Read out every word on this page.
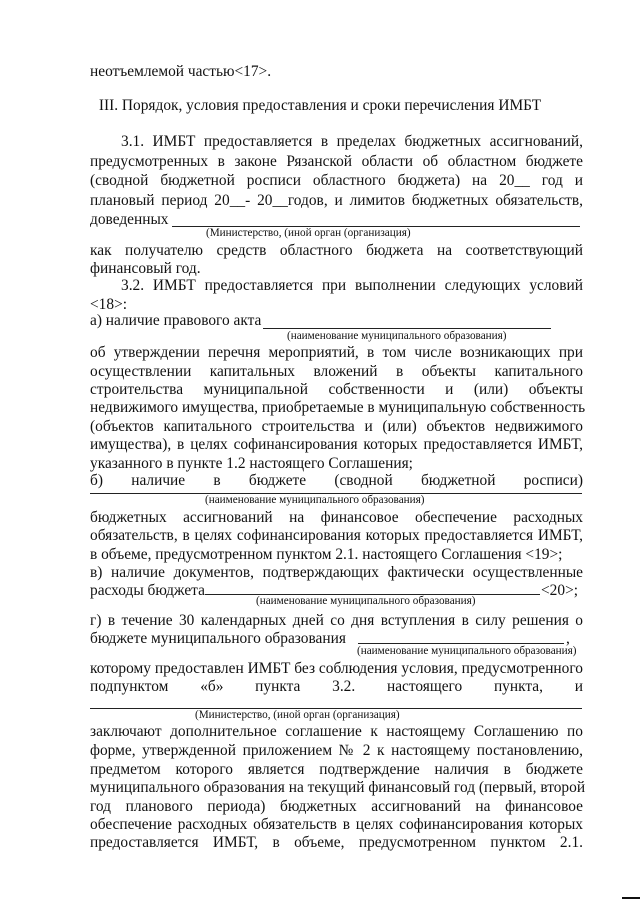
неотъемлемой частью<17>.
III. Порядок, условия предоставления и сроки перечисления ИМБТ
3.1. ИМБТ предоставляется в пределах бюджетных ассигнований,
предусмотренных в законе Рязанской области об областном бюджете
(сводной бюджетной росписи областного бюджета) на 20__ год и
плановый период 20__- 20__годов, и лимитов бюджетных обязательств,
доведенных
(Министерство, (иной орган (организация)
как получателю средств областного бюджета на соответствующий
финансовый год.
3.2. ИМБТ предоставляется при выполнении следующих условий
<18>:
а) наличие правового акта
(наименование муниципального образования)
об утверждении перечня мероприятий, в том числе возникающих при
осуществлении капитальных вложений в объекты капитального
строительства муниципальной собственности и (или) объекты
недвижимого имущества, приобретаемые в муниципальную собственность
(объектов капитального строительства и (или) объектов недвижимого
имущества), в целях софинансирования которых предоставляется ИМБТ,
указанного в пункте 1.2 настоящего Соглашения;
б) наличие в бюджете (сводной бюджетной росписи)
(наименование муниципального образования)
бюджетных ассигнований на финансовое обеспечение расходных
обязательств, в целях софинансирования которых предоставляется ИМБТ,
в объеме, предусмотренном пунктом 2.1. настоящего Соглашения <19>;
в) наличие документов, подтверждающих фактически осуществленные
расходы бюджета	<20>;
(наименование муниципального образования)
г) в течение 30 календарных дней со дня вступления в силу решения о
бюджете муниципального образования	,
(наименование муниципального образования)
которому предоставлен ИМБТ без соблюдения условия, предусмотренного
подпунктом «б» пункта 3.2. настоящего пункта, и
(Министерство, (иной орган (организация)
заключают дополнительное соглашение к настоящему Соглашению по
форме, утвержденной приложением № 2 к настоящему постановлению,
предметом которого является подтверждение наличия в бюджете
муниципального образования на текущий финансовый год (первый, второй
год планового периода) бюджетных ассигнований на финансовое
обеспечение расходных обязательств в целях софинансирования которых
предоставляется ИМБТ, в объеме, предусмотренном пунктом 2.1.
